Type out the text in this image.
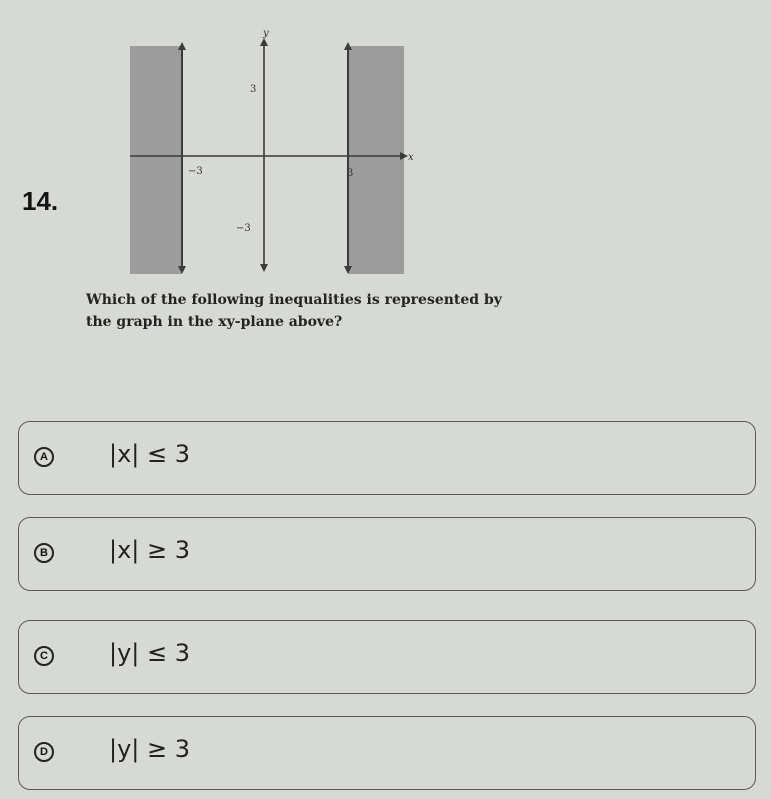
14.
y
x
3
−3
−3	3
Which of the following inequalities is represented by the graph in the xy-plane above?
A	|x| ≤ 3
B	|x| ≥ 3
C	|y| ≤ 3
D	|y| ≥ 3
